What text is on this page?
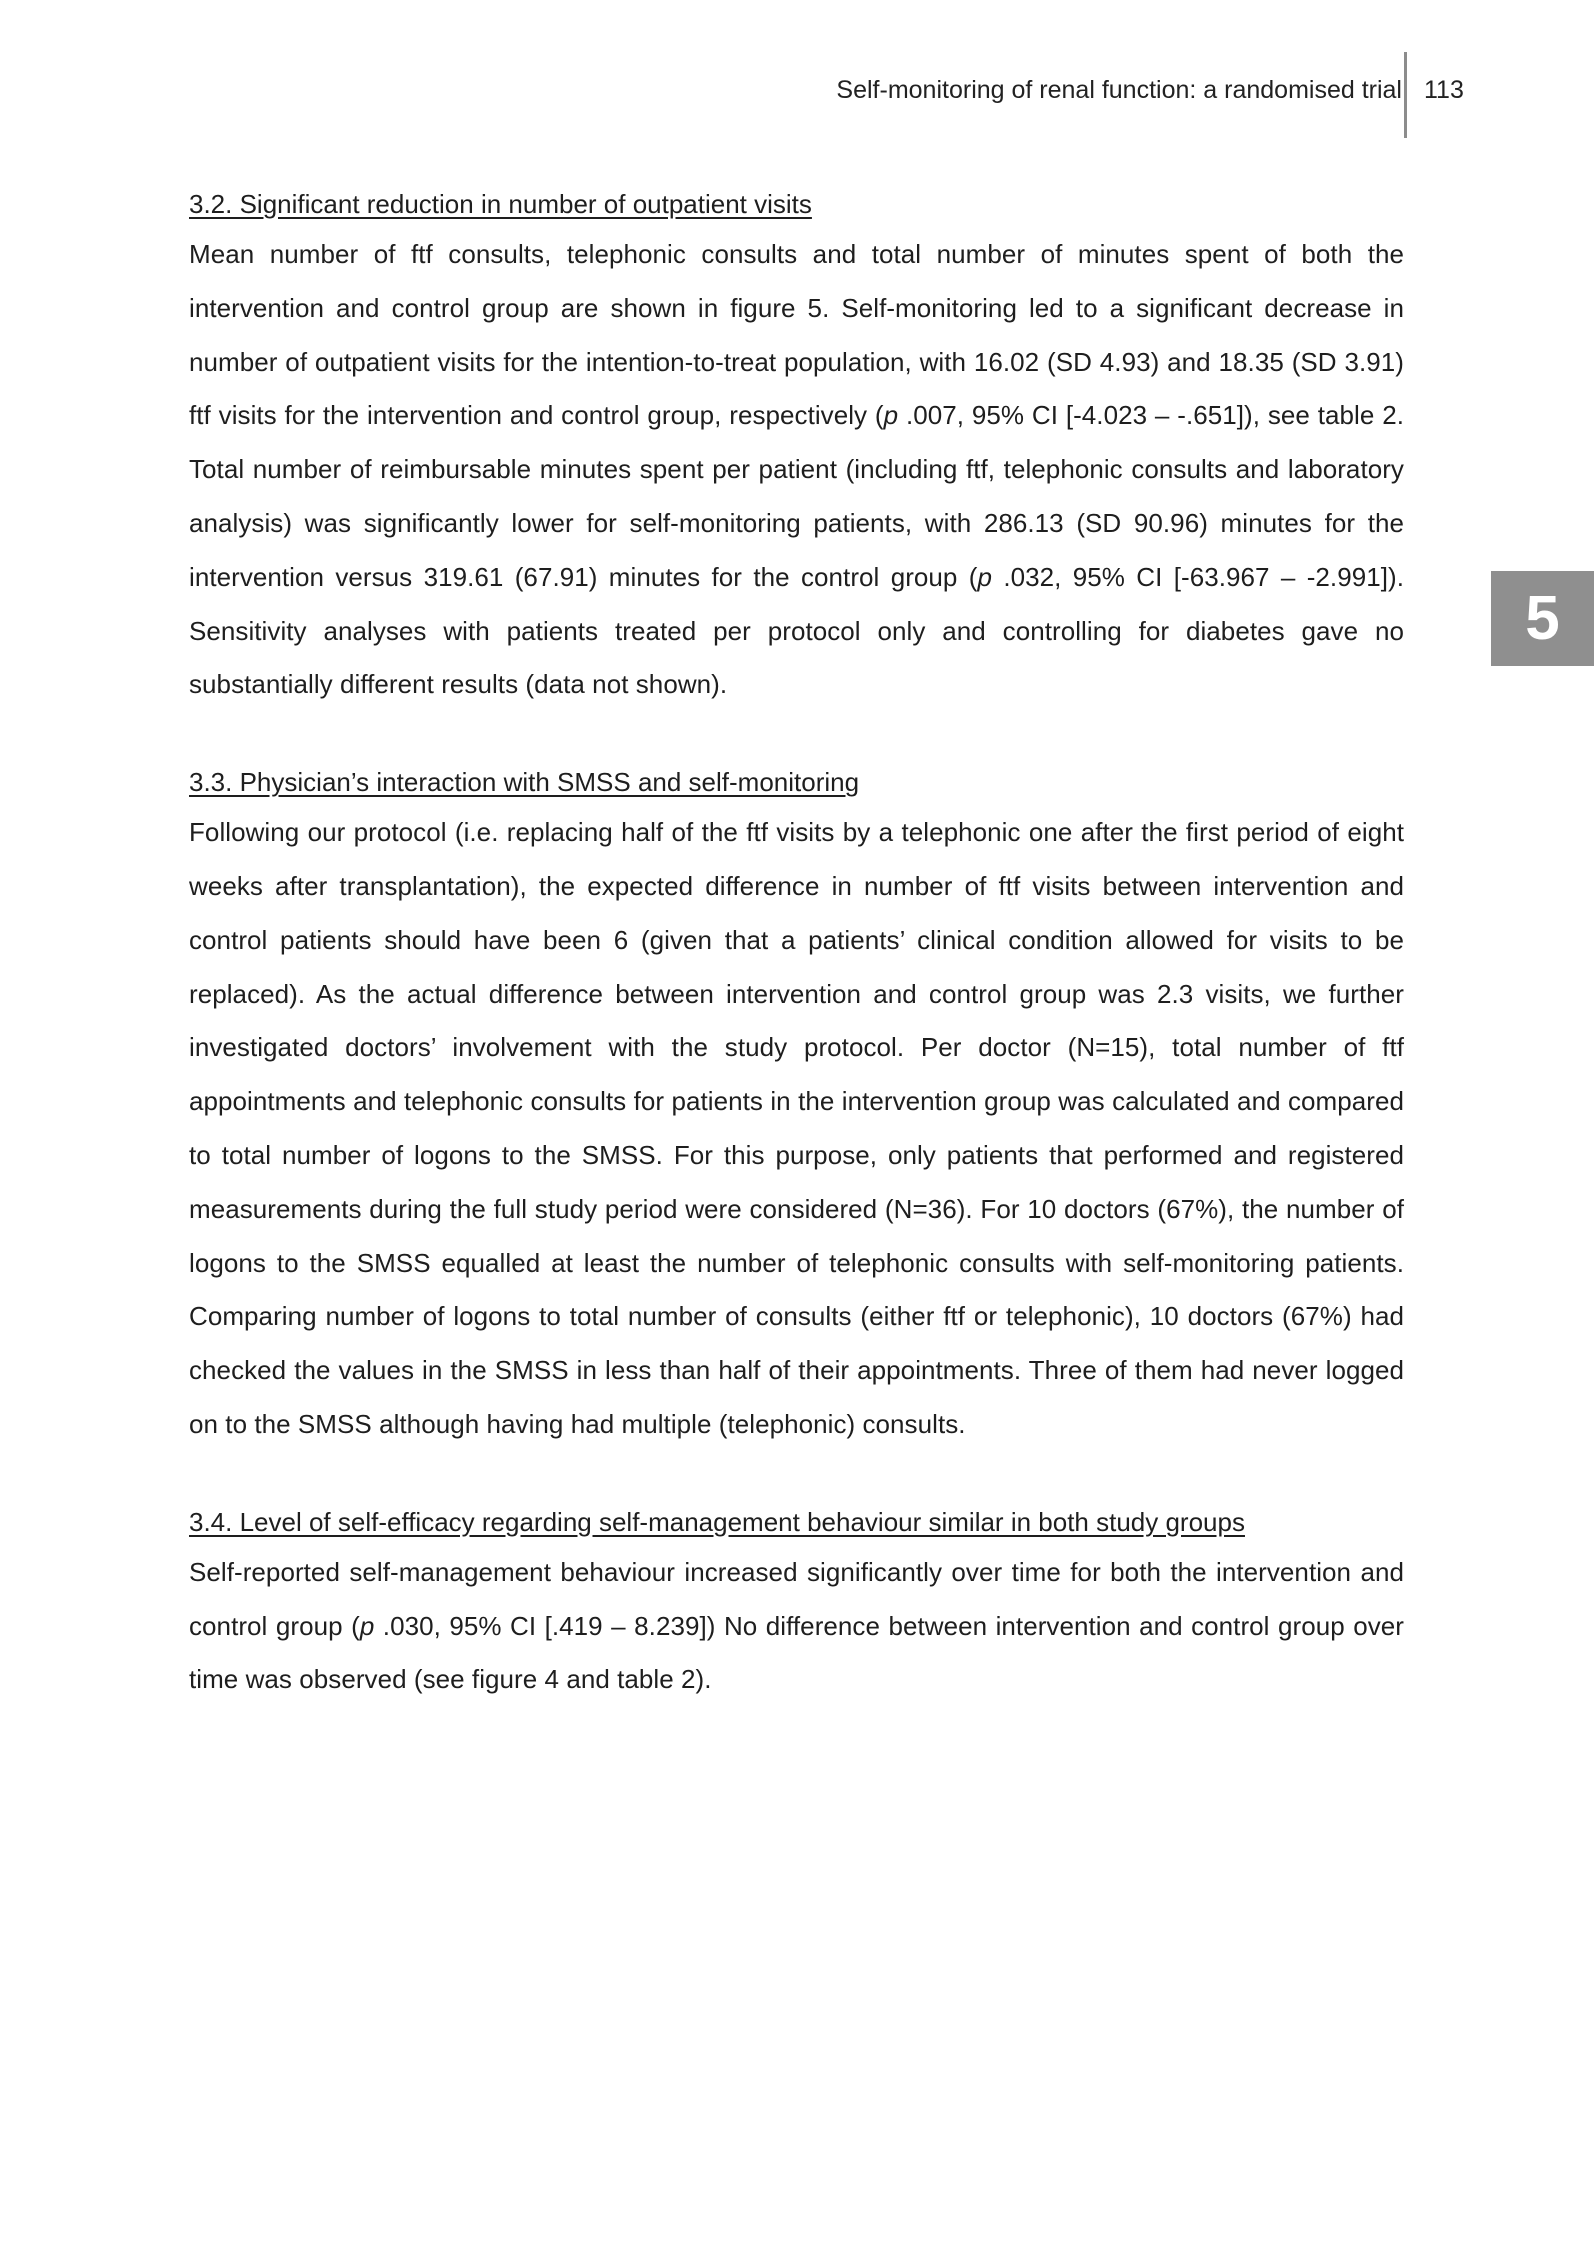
Self-monitoring of renal function: a randomised trial 113
5
3.2. Significant reduction in number of outpatient visits

Mean number of ftf consults, telephonic consults and total number of minutes spent of both the intervention and control group are shown in figure 5. Self-monitoring led to a significant decrease in number of outpatient visits for the intention-to-treat population, with 16.02 (SD 4.93) and 18.35 (SD 3.91) ftf visits for the intervention and control group, respectively (p .007, 95% CI [-4.023 – -.651]), see table 2. Total number of reimbursable minutes spent per patient (including ftf, telephonic consults and laboratory analysis) was significantly lower for self-monitoring patients, with 286.13 (SD 90.96) minutes for the intervention versus 319.61 (67.91) minutes for the control group (p .032, 95% CI [-63.967 – -2.991]). Sensitivity analyses with patients treated per protocol only and controlling for diabetes gave no substantially different results (data not shown).

3.3. Physician’s interaction with SMSS and self-monitoring

Following our protocol (i.e. replacing half of the ftf visits by a telephonic one after the first period of eight weeks after transplantation), the expected difference in number of ftf visits between intervention and control patients should have been 6 (given that a patients’ clinical condition allowed for visits to be replaced). As the actual difference between intervention and control group was 2.3 visits, we further investigated doctors’ involvement with the study protocol. Per doctor (N=15), total number of ftf appointments and telephonic consults for patients in the intervention group was calculated and compared to total number of logons to the SMSS. For this purpose, only patients that performed and registered measurements during the full study period were considered (N=36). For 10 doctors (67%), the number of logons to the SMSS equalled at least the number of telephonic consults with self-monitoring patients. Comparing number of logons to total number of consults (either ftf or telephonic), 10 doctors (67%) had checked the values in the SMSS in less than half of their appointments. Three of them had never logged on to the SMSS although having had multiple (telephonic) consults.

3.4. Level of self-efficacy regarding self-management behaviour similar in both study groups

Self-reported self-management behaviour increased significantly over time for both the intervention and control group (p .030, 95% CI [.419 – 8.239]) No difference between intervention and control group over time was observed (see figure 4 and table 2).
